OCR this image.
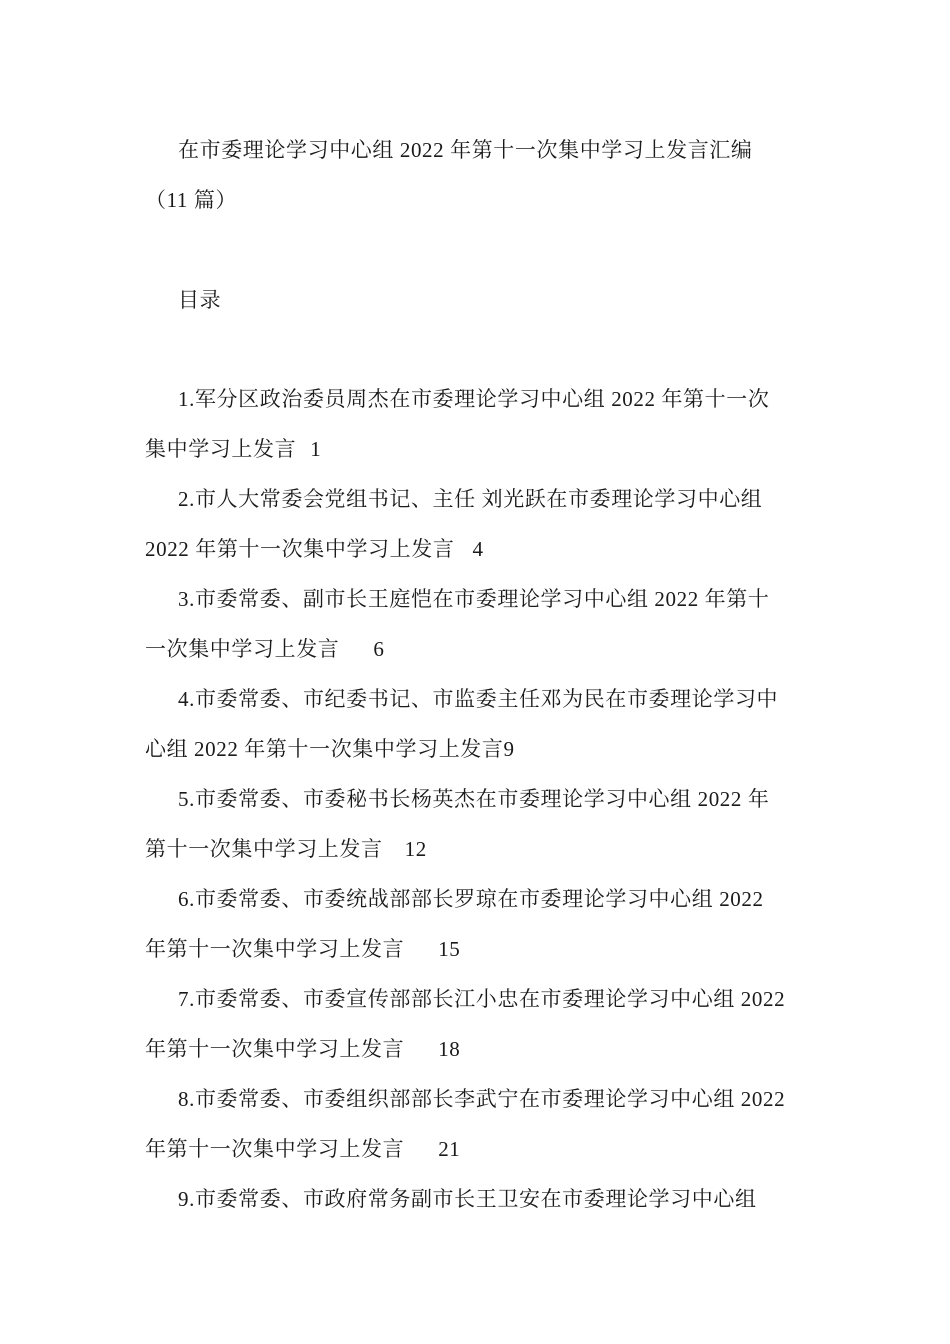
在市委理论学习中心组 2022 年第十一次集中学习上发言汇编
（11 篇）
目录
1.军分区政治委员周杰在市委理论学习中心组 2022 年第十一次
集中学习上发言 1
2.市人大常委会党组书记、主任 刘光跃在市委理论学习中心组
2022 年第十一次集中学习上发言 4
3.市委常委、副市长王庭恺在市委理论学习中心组 2022 年第十
一次集中学习上发言 6
4.市委常委、市纪委书记、市监委主任邓为民在市委理论学习中
心组 2022 年第十一次集中学习上发言9
5.市委常委、市委秘书长杨英杰在市委理论学习中心组 2022 年
第十一次集中学习上发言 12
6.市委常委、市委统战部部长罗琼在市委理论学习中心组 2022
年第十一次集中学习上发言 15
7.市委常委、市委宣传部部长江小忠在市委理论学习中心组 2022
年第十一次集中学习上发言 18
8.市委常委、市委组织部部长李武宁在市委理论学习中心组 2022
年第十一次集中学习上发言 21
9.市委常委、市政府常务副市长王卫安在市委理论学习中心组
